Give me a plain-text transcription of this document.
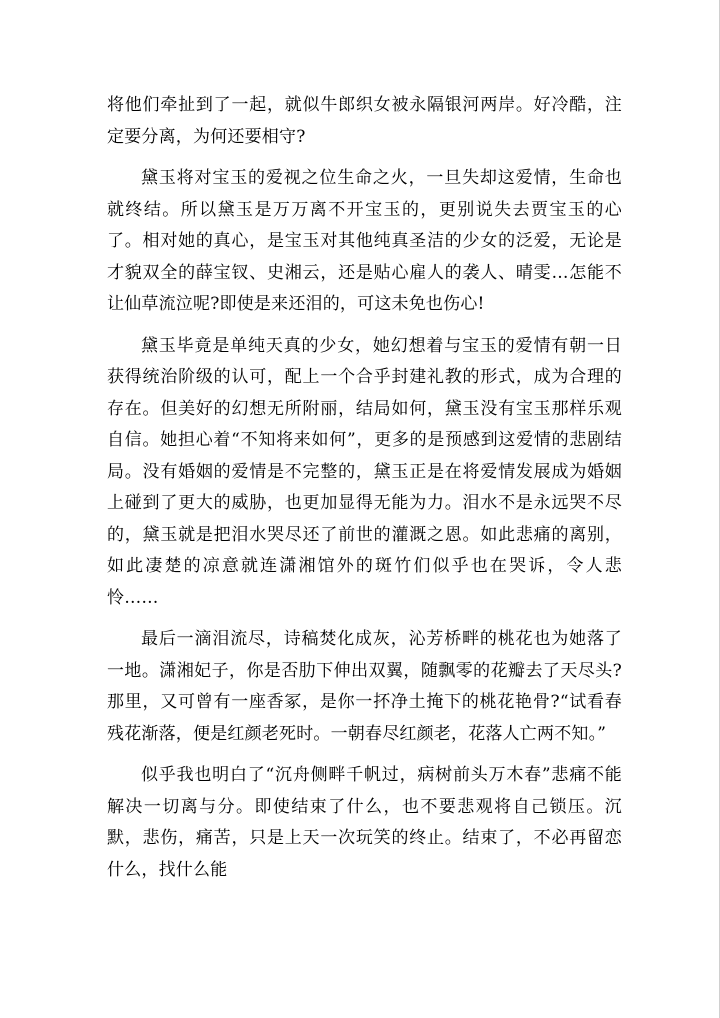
将他们牵扯到了一起，就似牛郎织女被永隔银河两岸。好冷酷，注定要分离，为何还要相守?

黛玉将对宝玉的爱视之位生命之火，一旦失却这爱情，生命也就终结。所以黛玉是万万离不开宝玉的，更别说失去贾宝玉的心了。相对她的真心，是宝玉对其他纯真圣洁的少女的泛爱，无论是才貌双全的薛宝钗、史湘云，还是贴心雇人的袭人、晴雯…怎能不让仙草流泣呢?即使是来还泪的，可这未免也伤心!

黛玉毕竟是单纯天真的少女，她幻想着与宝玉的爱情有朝一日获得统治阶级的认可，配上一个合乎封建礼教的形式，成为合理的存在。但美好的幻想无所附丽，结局如何，黛玉没有宝玉那样乐观自信。她担心着“不知将来如何”，更多的是预感到这爱情的悲剧结局。没有婚姻的爱情是不完整的，黛玉正是在将爱情发展成为婚姻上碰到了更大的威胁，也更加显得无能为力。泪水不是永远哭不尽的，黛玉就是把泪水哭尽还了前世的灌溉之恩。如此悲痛的离别，如此凄楚的凉意就连潇湘馆外的斑竹们似乎也在哭诉，令人悲怜……

最后一滴泪流尽，诗稿焚化成灰，沁芳桥畔的桃花也为她落了一地。潇湘妃子，你是否肋下伸出双翼，随飘零的花瓣去了天尽头?那里，又可曾有一座香冢，是你一抔净土掩下的桃花艳骨?“试看春残花渐落，便是红颜老死时。一朝春尽红颜老，花落人亡两不知。”

似乎我也明白了“沉舟侧畔千帆过，病树前头万木春”悲痛不能解决一切离与分。即使结束了什么，也不要悲观将自己锁压。沉默，悲伤，痛苦，只是上天一次玩笑的终止。结束了，不必再留恋什么，找什么能
